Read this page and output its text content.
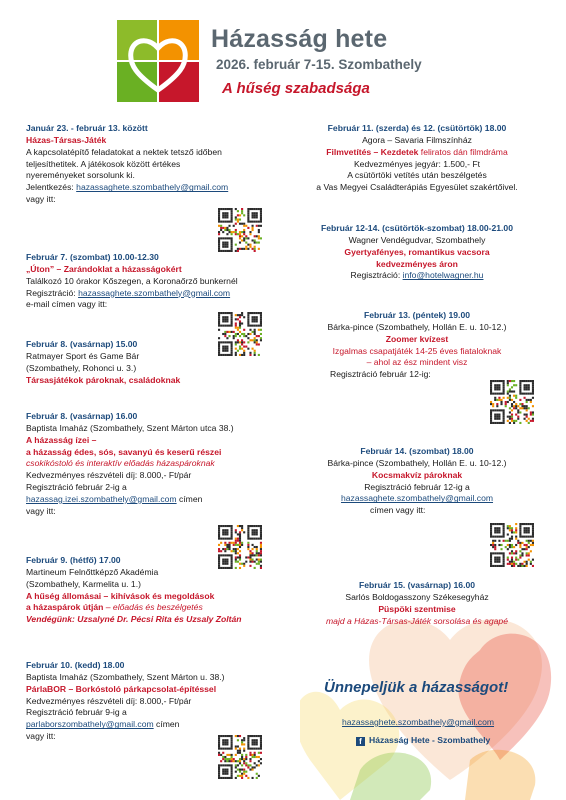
Házasság hete
2026. február 7-15. Szombathely
A hűség szabadsága
Január 23. - február 13. között
Házas-Társas-Játék
A kapcsolatépítő feladatokat a nektek tetsző időben
teljesíthetitek. A játékosok között értékes
nyereményeket sorsolunk ki.
Jelentkezés: hazassaghete.szombathely@gmail.com
vagy itt:
Február 7. (szombat) 10.00-12.30
„Úton” – Zarándoklat a házasságokért
Találkozó 10 órakor Kőszegen, a Koronaőrző bunkernél
Regisztráció: hazassaghete.szombathely@gmail.com
e-mail címen vagy itt:
Február 8. (vasárnap) 15.00
Ratmayer Sport és Game Bár
(Szombathely, Rohonci u. 3.)
Társasjátékok pároknak, családoknak
Február 8. (vasárnap) 16.00
Baptista Imaház (Szombathely, Szent Márton utca 38.)
A házasság ízei –
a házasság édes, sós, savanyú és keserű részei
csokikóstoló és interaktív előadás házaspároknak
Kedvezményes részvételi díj: 8.000,- Ft/pár
Regisztráció február 2-ig a
hazassag.izei.szombathely@gmail.com címen
vagy itt:
Február 9. (hétfő) 17.00
Martineum Felnőttképző Akadémia
(Szombathely, Karmelita u. 1.)
A hűség állomásai – kihívások és megoldások
a házaspárok útján – előadás és beszélgetés
Vendégünk: Uzsalyné Dr. Pécsi Rita és Uzsaly Zoltán
Február 10. (kedd) 18.00
Baptista Imaház (Szombathely, Szent Márton u. 38.)
PárlaBOR – Borkóstoló párkapcsolat-építéssel
Kedvezményes részvételi díj: 8.000,- Ft/pár
Regisztráció február 9-ig a
parlaborszombathely@gmail.com címen
vagy itt:
Február 11. (szerda) és 12. (csütörtök) 18.00
Agora – Savaria Filmszínház
Filmvetítés – Kezdetek feliratos dán filmdráma
Kedvezményes jegyár: 1.500,- Ft
A csütörtöki vetítés után beszélgetés
a Vas Megyei Családterápiás Egyesület szakértőivel.
Február 12-14. (csütörtök-szombat) 18.00-21.00
Wagner Vendégudvar, Szombathely
Gyertyafényes, romantikus vacsora
kedvezményes áron
Regisztráció: info@hotelwagner.hu
Február 13. (péntek) 19.00
Bárka-pince (Szombathely, Hollán E. u. 10-12.)
Zoomer kvízest
Izgalmas csapatjáték 14-25 éves fiataloknak
– ahol az ész mindent visz
Regisztráció február 12-ig:
Február 14. (szombat) 18.00
Bárka-pince (Szombathely, Hollán E. u. 10-12.)
Kocsmakvíz pároknak
Regisztráció február 12-ig a
hazassaghete.szombathely@gmail.com
címen vagy itt:
Február 15. (vasárnap) 16.00
Sarlós Boldogasszony Székesegyház
Püspöki szentmise
majd a Házas-Társas-Játék sorsolása és agapé
Ünnepeljük a házasságot!
hazassaghete.szombathely@gmail.com
f Házasság Hete - Szombathely
